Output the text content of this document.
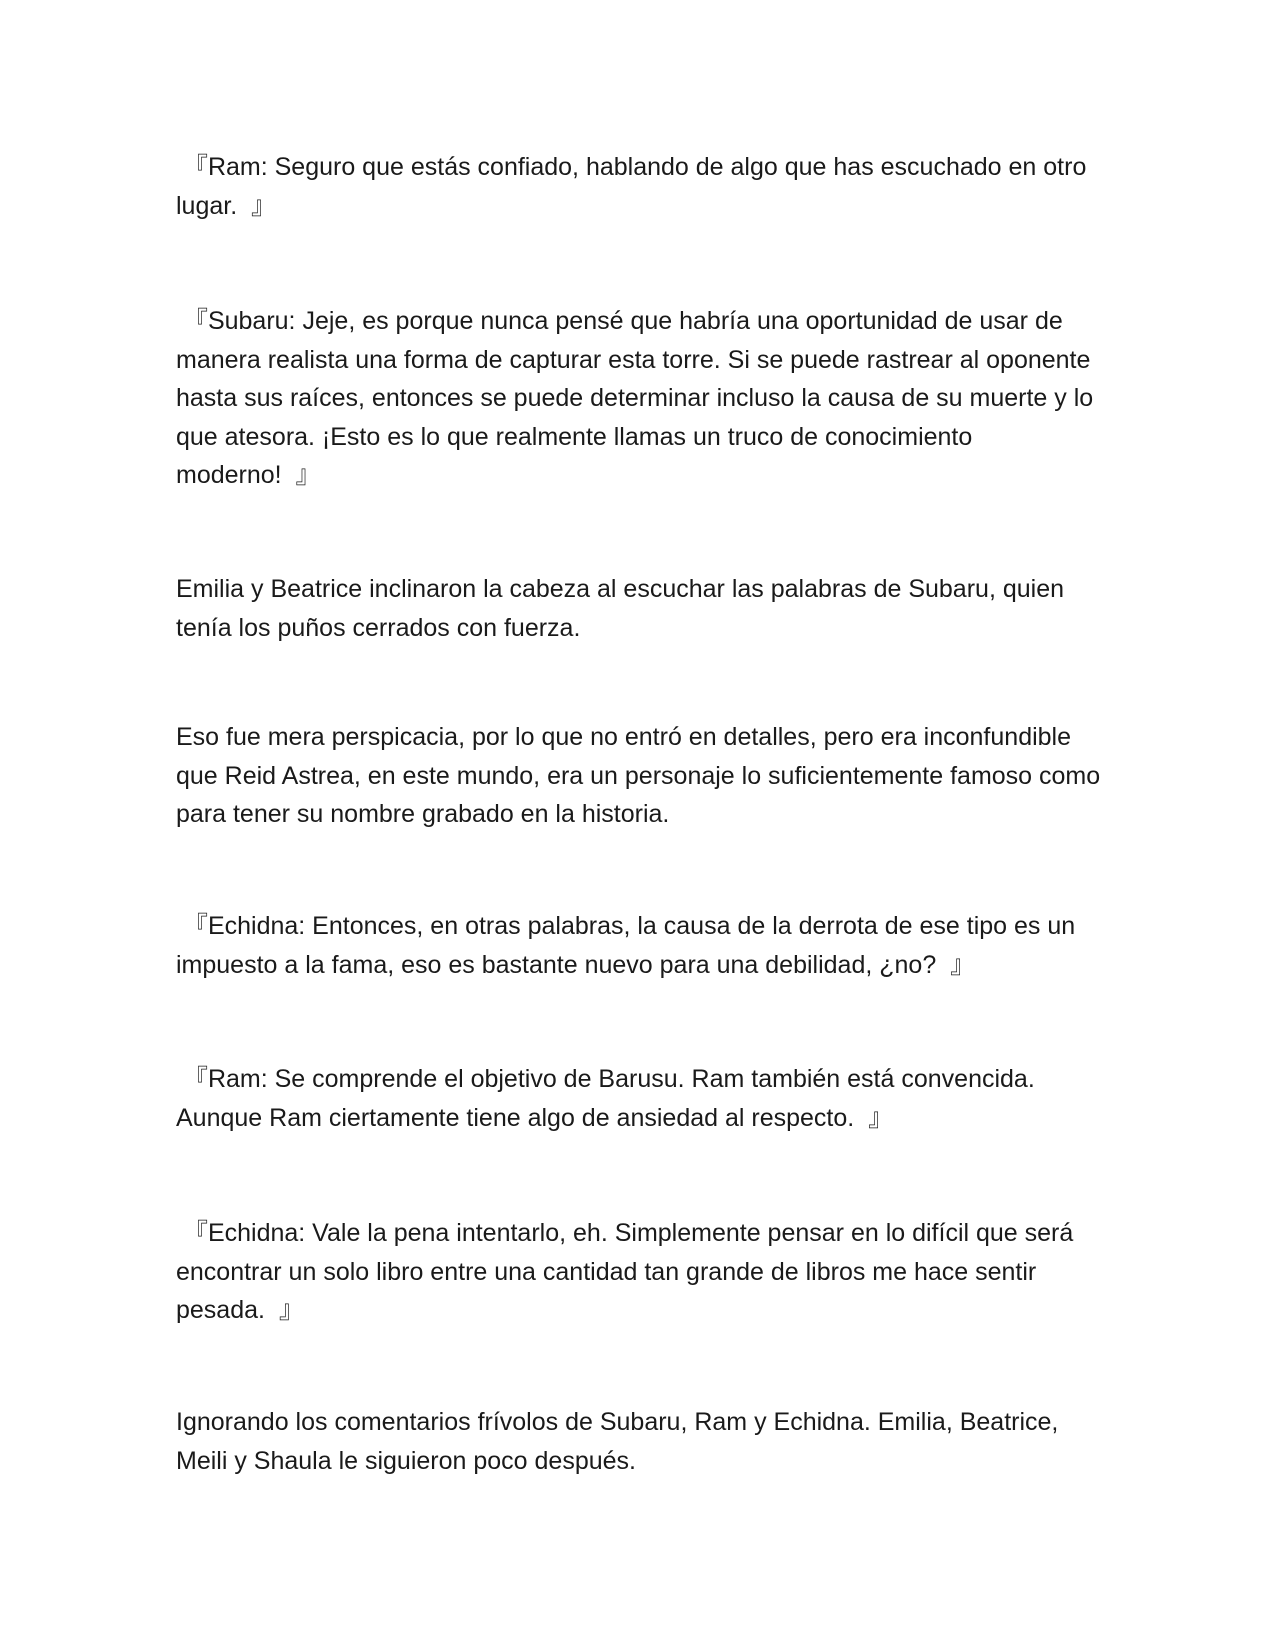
『Ram: Seguro que estás confiado, hablando de algo que has escuchado en otro lugar.  』

『Subaru: Jeje, es porque nunca pensé que habría una oportunidad de usar de manera realista una forma de capturar esta torre. Si se puede rastrear al oponente hasta sus raíces, entonces se puede determinar incluso la causa de su muerte y lo que atesora. ¡Esto es lo que realmente llamas un truco de conocimiento moderno!  』

Emilia y Beatrice inclinaron la cabeza al escuchar las palabras de Subaru, quien tenía los puños cerrados con fuerza.

Eso fue mera perspicacia, por lo que no entró en detalles, pero era inconfundible que Reid Astrea, en este mundo, era un personaje lo suficientemente famoso como para tener su nombre grabado en la historia.

『Echidna: Entonces, en otras palabras, la causa de la derrota de ese tipo es un impuesto a la fama, eso es bastante nuevo para una debilidad, ¿no?  』

『Ram: Se comprende el objetivo de Barusu. Ram también está convencida. Aunque Ram ciertamente tiene algo de ansiedad al respecto.  』

『Echidna: Vale la pena intentarlo, eh. Simplemente pensar en lo difícil que será encontrar un solo libro entre una cantidad tan grande de libros me hace sentir pesada.  』

Ignorando los comentarios frívolos de Subaru, Ram y Echidna. Emilia, Beatrice, Meili y Shaula le siguieron poco después.
